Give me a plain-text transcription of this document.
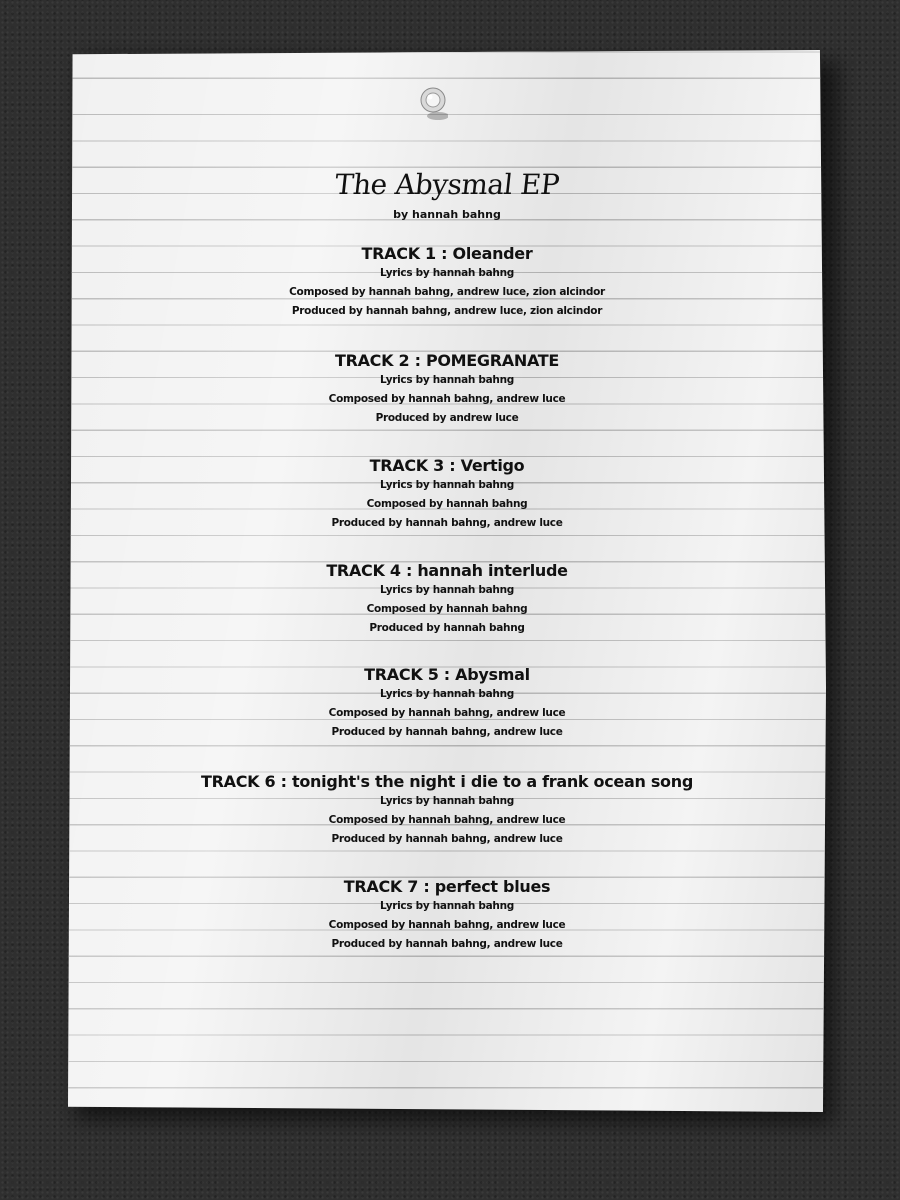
The Abysmal EP
by hannah bahng
TRACK 1 : Oleander
Lyrics by hannah bahng
Composed by hannah bahng, andrew luce, zion alcindor
Produced by hannah bahng, andrew luce, zion alcindor
TRACK 2 : POMEGRANATE
Lyrics by hannah bahng
Composed by hannah bahng, andrew luce
Produced by andrew luce
TRACK 3 : Vertigo
Lyrics by hannah bahng
Composed by hannah bahng
Produced by hannah bahng, andrew luce
TRACK 4 : hannah interlude
Lyrics by hannah bahng
Composed by hannah bahng
Produced by hannah bahng
TRACK 5 : Abysmal
Lyrics by hannah bahng
Composed by hannah bahng, andrew luce
Produced by hannah bahng, andrew luce
TRACK 6 : tonight's the night i die to a frank ocean song
Lyrics by hannah bahng
Composed by hannah bahng, andrew luce
Produced by hannah bahng, andrew luce
TRACK 7 : perfect blues
Lyrics by hannah bahng
Composed by hannah bahng, andrew luce
Produced by hannah bahng, andrew luce
